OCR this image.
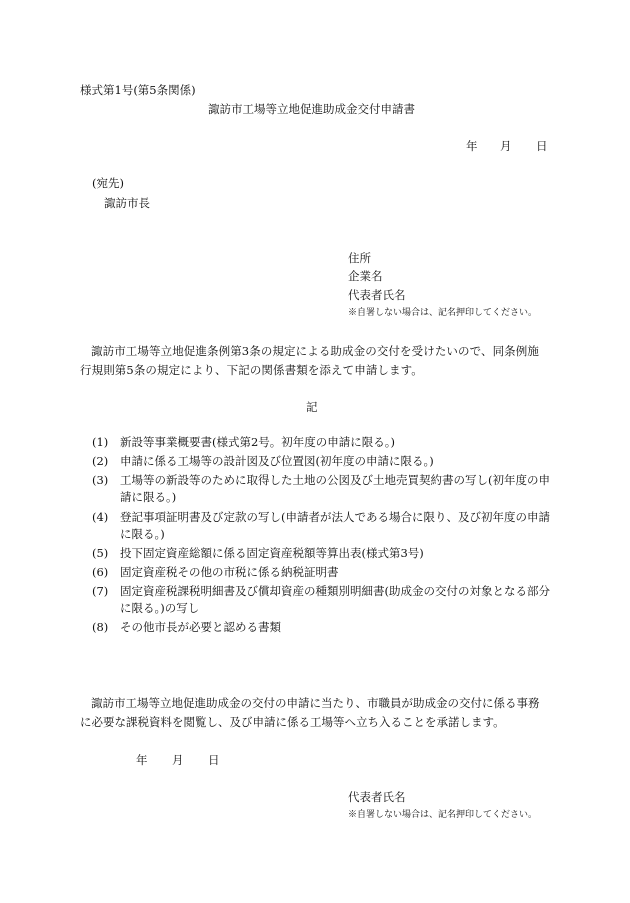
様式第1号(第5条関係)
諏訪市工場等立地促進助成金交付申請書
年 月 日
(宛先)
諏訪市長
住所
企業名
代表者氏名
※自署しない場合は、記名押印してください。
諏訪市工場等立地促進条例第3条の規定による助成金の交付を受けたいので、同条例施行規則第5条の規定により、下記の関係書類を添えて申請します。
記
(1) 新設等事業概要書(様式第2号。初年度の申請に限る。)
(2) 申請に係る工場等の設計図及び位置図(初年度の申請に限る。)
(3) 工場等の新設等のために取得した土地の公図及び土地売買契約書の写し(初年度の申請に限る。)
(4) 登記事項証明書及び定款の写し(申請者が法人である場合に限り、及び初年度の申請に限る。)
(5) 投下固定資産総額に係る固定資産税額等算出表(様式第3号)
(6) 固定資産税その他の市税に係る納税証明書
(7) 固定資産税課税明細書及び償却資産の種類別明細書(助成金の交付の対象となる部分に限る。)の写し
(8) その他市長が必要と認める書類
諏訪市工場等立地促進助成金の交付の申請に当たり、市職員が助成金の交付に係る事務に必要な課税資料を閲覧し、及び申請に係る工場等へ立ち入ることを承諾します。
年 月 日
代表者氏名
※自署しない場合は、記名押印してください。
